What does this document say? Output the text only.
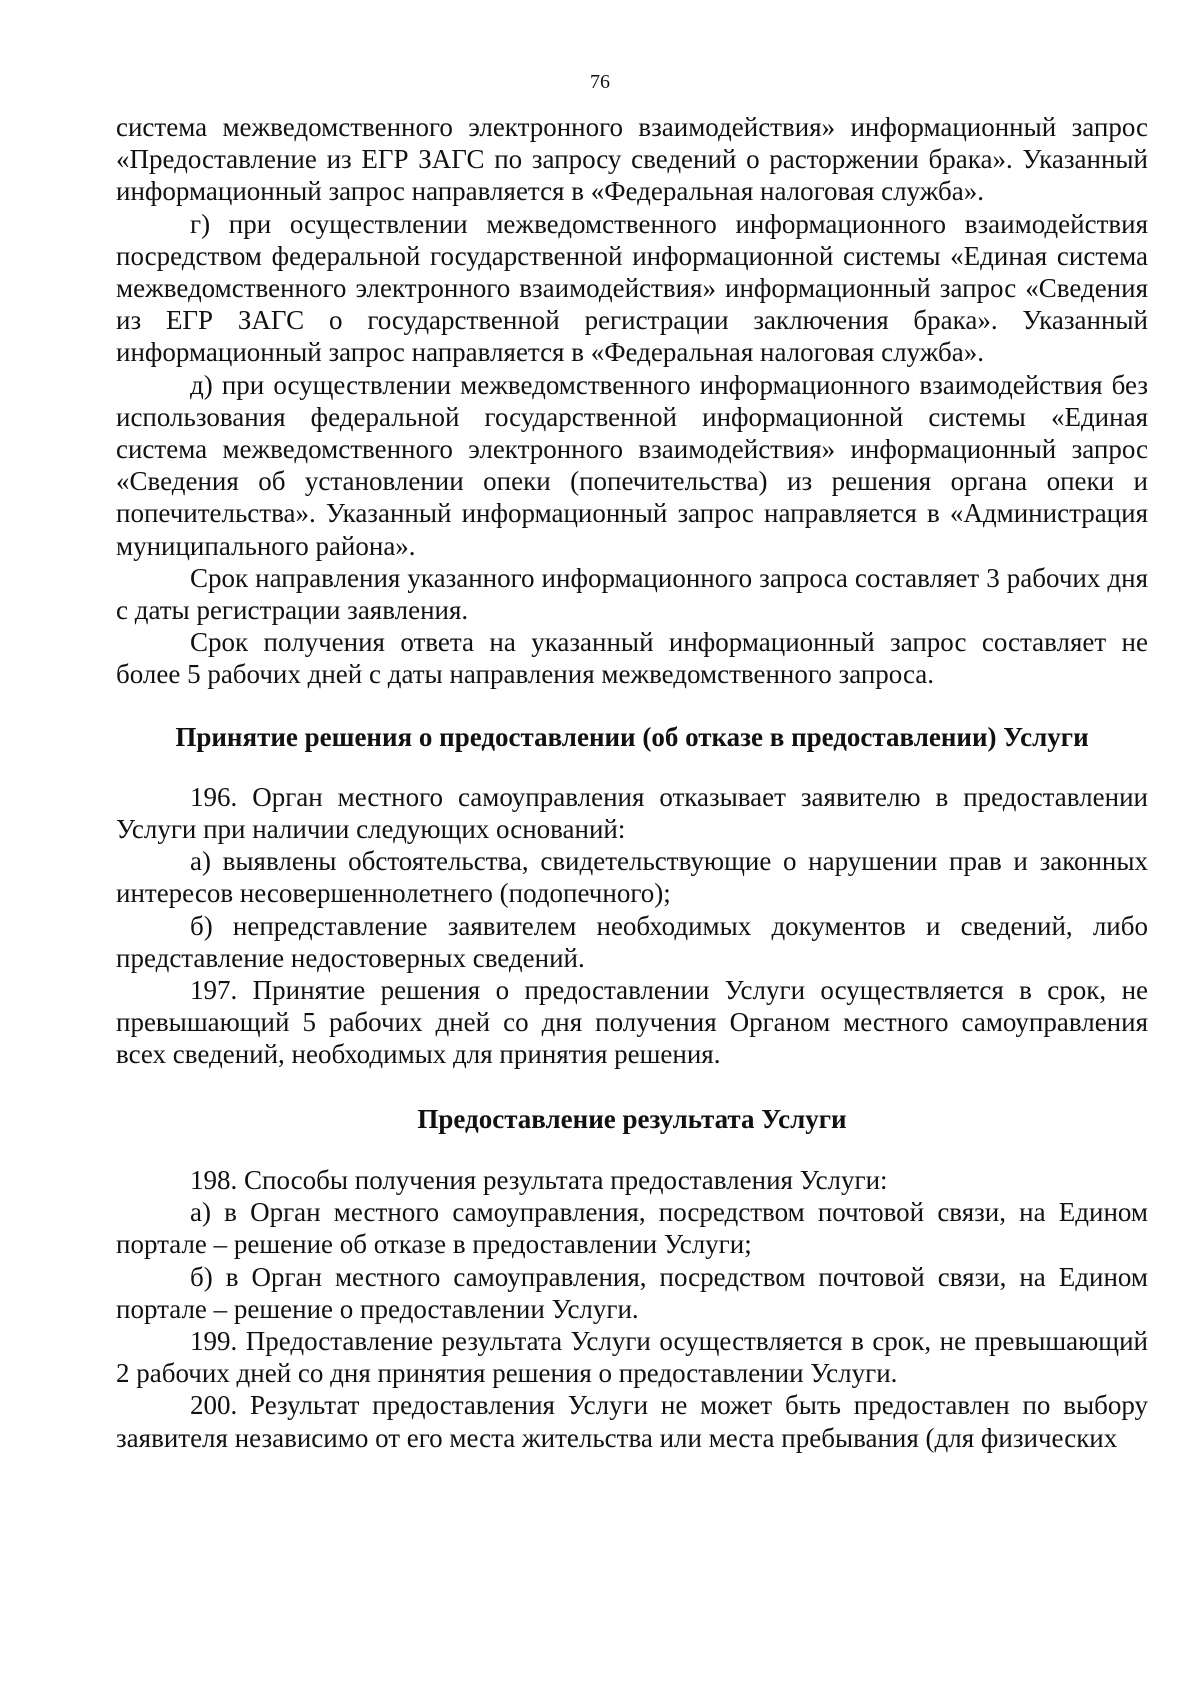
76

система межведомственного электронного взаимодействия» информационный запрос «Предоставление из ЕГР ЗАГС по запросу сведений о расторжении брака». Указанный информационный запрос направляется в «Федеральная налоговая служба».

г) при осуществлении межведомственного информационного взаимодействия посредством федеральной государственной информационной системы «Единая система межведомственного электронного взаимодействия» информационный запрос «Сведения из ЕГР ЗАГС о государственной регистрации заключения брака». Указанный информационный запрос направляется в «Федеральная налоговая служба».

д) при осуществлении межведомственного информационного взаимодействия без использования федеральной государственной информационной системы «Единая система межведомственного электронного взаимодействия» информационный запрос «Сведения об установлении опеки (попечительства) из решения органа опеки и попечительства». Указанный информационный запрос направляется в «Администрация муниципального района».

Срок направления указанного информационного запроса составляет 3 рабочих дня с даты регистрации заявления.

Срок получения ответа на указанный информационный запрос составляет не более 5 рабочих дней с даты направления межведомственного запроса.

Принятие решения о предоставлении (об отказе в предоставлении) Услуги

196. Орган местного самоуправления отказывает заявителю в предоставлении Услуги при наличии следующих оснований:

а) выявлены обстоятельства, свидетельствующие о нарушении прав и законных интересов несовершеннолетнего (подопечного);

б) непредставление заявителем необходимых документов и сведений, либо представление недостоверных сведений.

197. Принятие решения о предоставлении Услуги осуществляется в срок, не превышающий 5 рабочих дней со дня получения Органом местного самоуправления всех сведений, необходимых для принятия решения.

Предоставление результата Услуги

198. Способы получения результата предоставления Услуги:

а) в Орган местного самоуправления, посредством почтовой связи, на Едином портале – решение об отказе в предоставлении Услуги;

б) в Орган местного самоуправления, посредством почтовой связи, на Едином портале – решение о предоставлении Услуги.

199. Предоставление результата Услуги осуществляется в срок, не превышающий 2 рабочих дней со дня принятия решения о предоставлении Услуги.

200. Результат предоставления Услуги не может быть предоставлен по выбору заявителя независимо от его места жительства или места пребывания (для физических
